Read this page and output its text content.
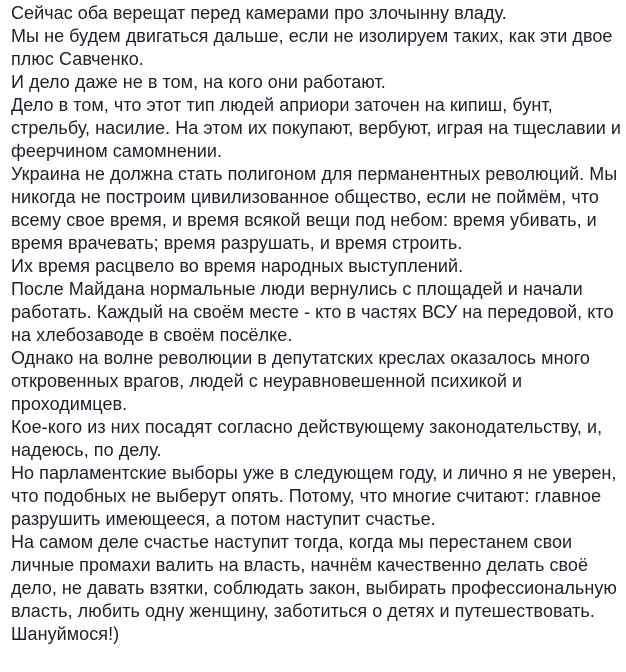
Сейчас оба верещат перед камерами про злочынну владу.

Мы не будем двигаться дальше, если не изолируем таких, как эти двое
плюс Савченко.

И дело даже не в том, на кого они работают.

Дело в том, что этот тип людей априори заточен на кипиш, бунт,
стрельбу, насилие. На этом их покупают, вербуют, играя на тщеславии и
феерчином самомнении.

Украина не должна стать полигоном для перманентных революций. Мы
никогда не построим цивилизованное общество, если не поймём, что
всему свое время, и время всякой вещи под небом: время убивать, и
время врачевать; время разрушать, и время строить.

Их время расцвело во время народных выступлений.

После Майдана нормальные люди вернулись с площадей и начали
работать. Каждый на своём месте - кто в частях ВСУ на передовой, кто
на хлебозаводе в своём посёлке.

Однако на волне революции в депутатских креслах оказалось много
откровенных врагов, людей с неуравновешенной психикой и
проходимцев.

Кое-кого из них посадят согласно действующему законодательству, и,
надеюсь, по делу.

Но парламентские выборы уже в следующем году, и лично я не уверен,
что подобных не выберут опять. Потому, что многие считают: главное
разрушить имеющееся, а потом наступит счастье.

На самом деле счастье наступит тогда, когда мы перестанем свои
личные промахи валить на власть, начнём качественно делать своё
дело, не давать взятки, соблюдать закон, выбирать профессиональную
власть, любить одну женщину, заботиться о детях и путешествовать.

Шануймося!)
